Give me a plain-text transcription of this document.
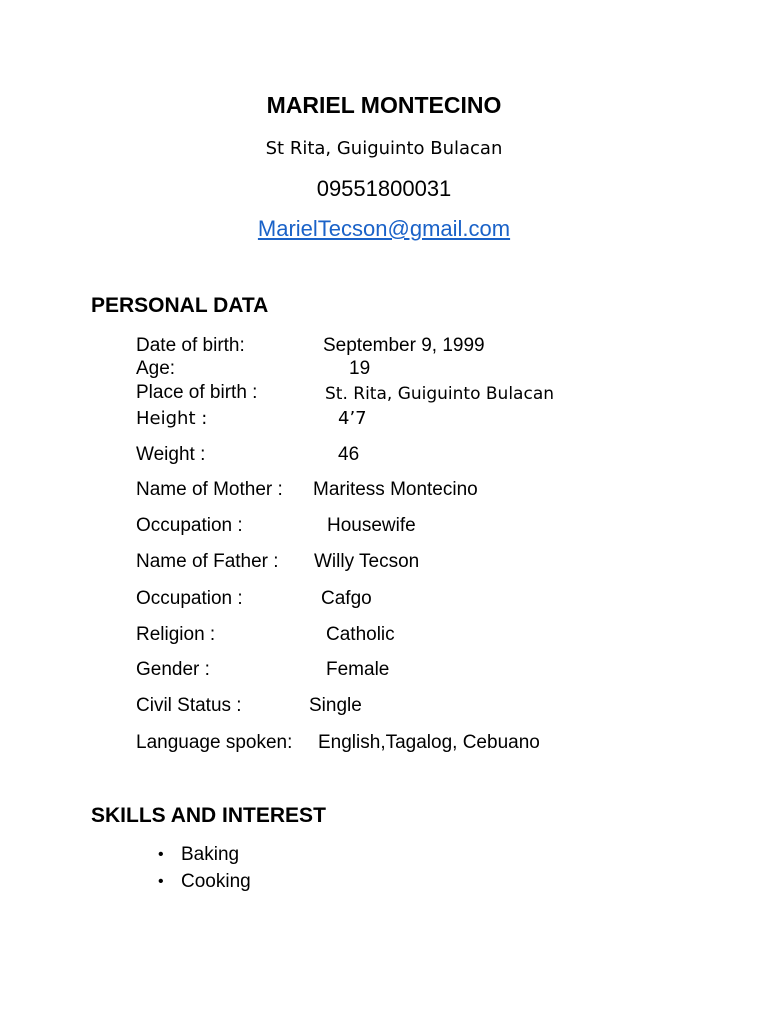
MARIEL MONTECINO
St Rita, Guiguinto Bulacan
09551800031
MarielTecson@gmail.com
PERSONAL DATA
Date of birth:	September 9, 1999
Age:	19
Place of birth :	St. Rita, Guiguinto Bulacan
Height :	4’7
Weight :	46
Name of Mother : Maritess Montecino
Occupation :	Housewife
Name of Father : Willy Tecson
Occupation :	Cafgo
Religion :	Catholic
Gender :	Female
Civil Status :	Single
Language spoken: English,Tagalog, Cebuano
SKILLS AND INTEREST
• Baking
• Cooking
